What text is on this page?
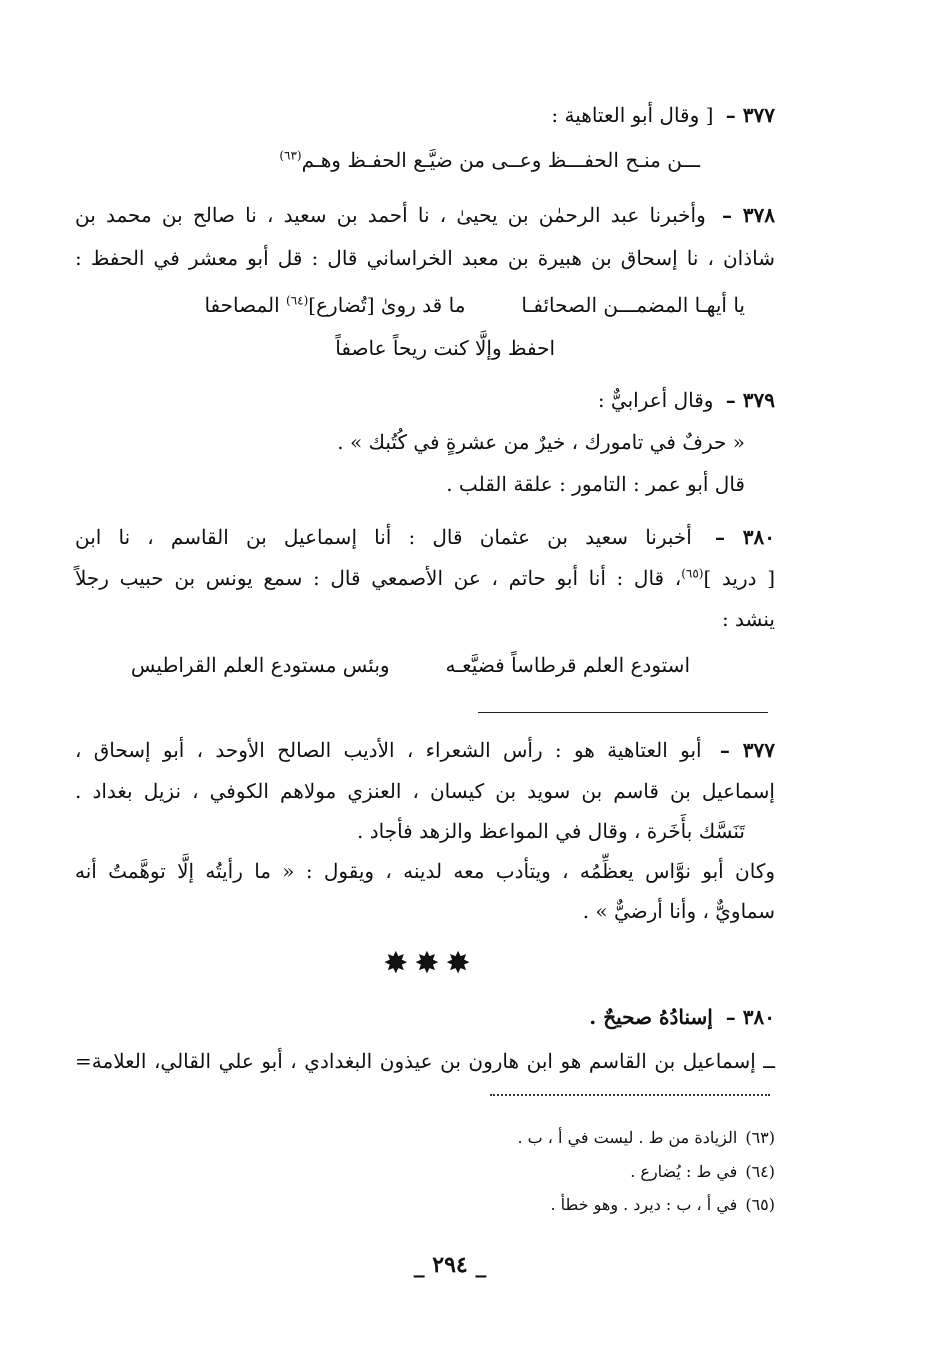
٣٧٧ – [ وقال أبو العتاهية :
ـــن منـح الحفـــظ وعــى من ضيَّـع الحفـظ وهـم$^{(٦٣)}$
٣٧٨ – وأخبرنا عبد الرحمٰن بن يحيىٰ ، نا أحمد بن سعيد ، نا صالح بن محمد بن
شاذان ، نا إسحاق بن هبيرة بن معبد الخراساني قال : قل أبو معشر في الحفظ :
يا أيهـا المضمـــن الصحائفـاما قد روىٰ [تُضارع]$^{(٦٤)}$ المصاحفا
احفظ وإلَّا كنت ريحاً عاصفاً
٣٧٩ – وقال أعرابيٌّ :
« حرفٌ في تامورك ، خيرٌ من عشرةٍ في كُتُبك » .
قال أبو عمر : التامور : علقة القلب .
٣٨٠ – أخبرنا سعيد بن عثمان قال : أنا إسماعيل بن القاسم ، نا ابن
[ دريد ]$^{(٦٥)}$، قال : أنا أبو حاتم ، عن الأصمعي قال : سمع يونس بن حبيب رجلاً
ينشد :
استودع العلم قرطاساً فضيَّعـهوبئس مستودع العلم القراطيس
٣٧٧ – أبو العتاهية هو : رأس الشعراء ، الأديب الصالح الأوحد ، أبو إسحاق ،
إسماعيل بن قاسم بن سويد بن كيسان ، العنزي مولاهم الكوفي ، نزيل بغداد .
تَنَسَّك بأَخَرة ، وقال في المواعظ والزهد فأجاد .
وكان أبو نوَّاس يعظِّمُه ، ويتأدب معه لدينه ، ويقول : « ما رأيتُه إلَّا توهَّمتُ أنه
سماويٌّ ، وأنا أرضيٌّ » .
✸✸✸
٣٨٠ – إسنادُهُ صحيحٌ .
ــ إسماعيل بن القاسم هو ابن هارون بن عيذون البغدادي ، أبو علي القالي، العلامة=
(٦٣)الزيادة من ط . ليست في أ ، ب .
(٦٤)في ط : يُضارع .
(٦٥)في أ ، ب : ديرد . وهو خطأ .
_ ٢٩٤ _
